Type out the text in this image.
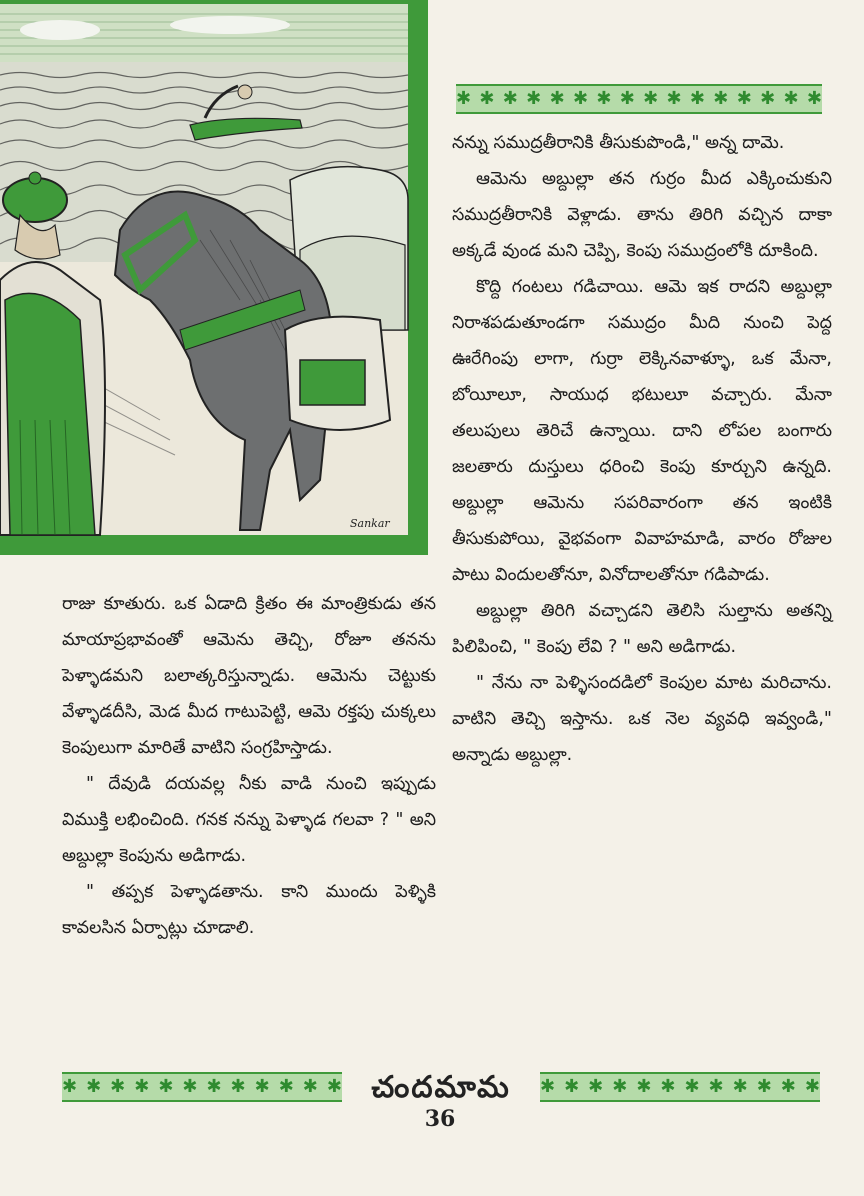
Sankar
✱ ✱ ✱ ✱ ✱ ✱ ✱ ✱ ✱ ✱ ✱ ✱ ✱ ✱ ✱ ✱

నన్ను సముద్రతీరానికి తీసుకుపొండి," అన్న దామె.

ఆమెను అబ్దుల్లా తన గుర్రం మీద ఎక్కించుకుని సముద్రతీరానికి వెళ్లాడు. తాను తిరిగి వచ్చిన దాకా అక్కడే వుండ మని చెప్పి, కెంపు సముద్రంలోకి దూకింది.

కొద్ది గంటలు గడిచాయి. ఆమె ఇక రాదని అబ్దుల్లా నిరాశపడుతూండగా సముద్రం మీది నుంచి పెద్ద ఊరేగింపు లాగా, గుర్రా లెక్కినవాళ్ళూ, ఒక మేనా, బోయీలూ, సాయుధ భటులూ వచ్చారు. మేనా తలుపులు తెరిచే ఉన్నాయి. దాని లోపల బంగారు జలతారు దుస్తులు ధరించి కెంపు కూర్చుని ఉన్నది. అబ్దుల్లా ఆమెను సపరివారంగా తన ఇంటికి తీసుకుపోయి, వైభవంగా వివాహమాడి, వారం రోజుల పాటు విందులతోనూ, వినోదాలతోనూ గడిపాడు.

అబ్దుల్లా తిరిగి వచ్చాడని తెలిసి సుల్తాను అతన్ని పిలిపించి, " కెంపు లేవి ? " అని అడిగాడు.

" నేను నా పెళ్ళిసందడిలో కెంపుల మాట మరిచాను. వాటిని తెచ్చి ఇస్తాను. ఒక నెల వ్యవధి ఇవ్వండి," అన్నాడు అబ్దుల్లా.

రాజు కూతురు. ఒక ఏడాది క్రితం ఈ మాంత్రికుడు తన మాయాప్రభావంతో ఆమెను తెచ్చి, రోజూ తనను పెళ్ళాడమని బలాత్కరిస్తున్నాడు. ఆమెను చెట్టుకు వేళ్ళాడదీసి, మెడ మీద గాటుపెట్టి, ఆమె రక్తపు చుక్కలు కెంపులుగా మారితే వాటిని సంగ్రహిస్తాడు.

" దేవుడి దయవల్ల నీకు వాడి నుంచి ఇప్పుడు విముక్తి లభించింది. గనక నన్ను పెళ్ళాడ గలవా ? " అని అబ్దుల్లా కెంపును అడిగాడు.

" తప్పక పెళ్ళాడతాను. కాని ముందు పెళ్ళికి కావలసిన ఏర్పాట్లు చూడాలి.

✱ ✱ ✱ ✱ ✱ ✱ ✱ ✱ ✱ ✱ ✱ ✱ చందమామ	✱ ✱ ✱ ✱ ✱ ✱ ✱ ✱ ✱ ✱ ✱ ✱
36
